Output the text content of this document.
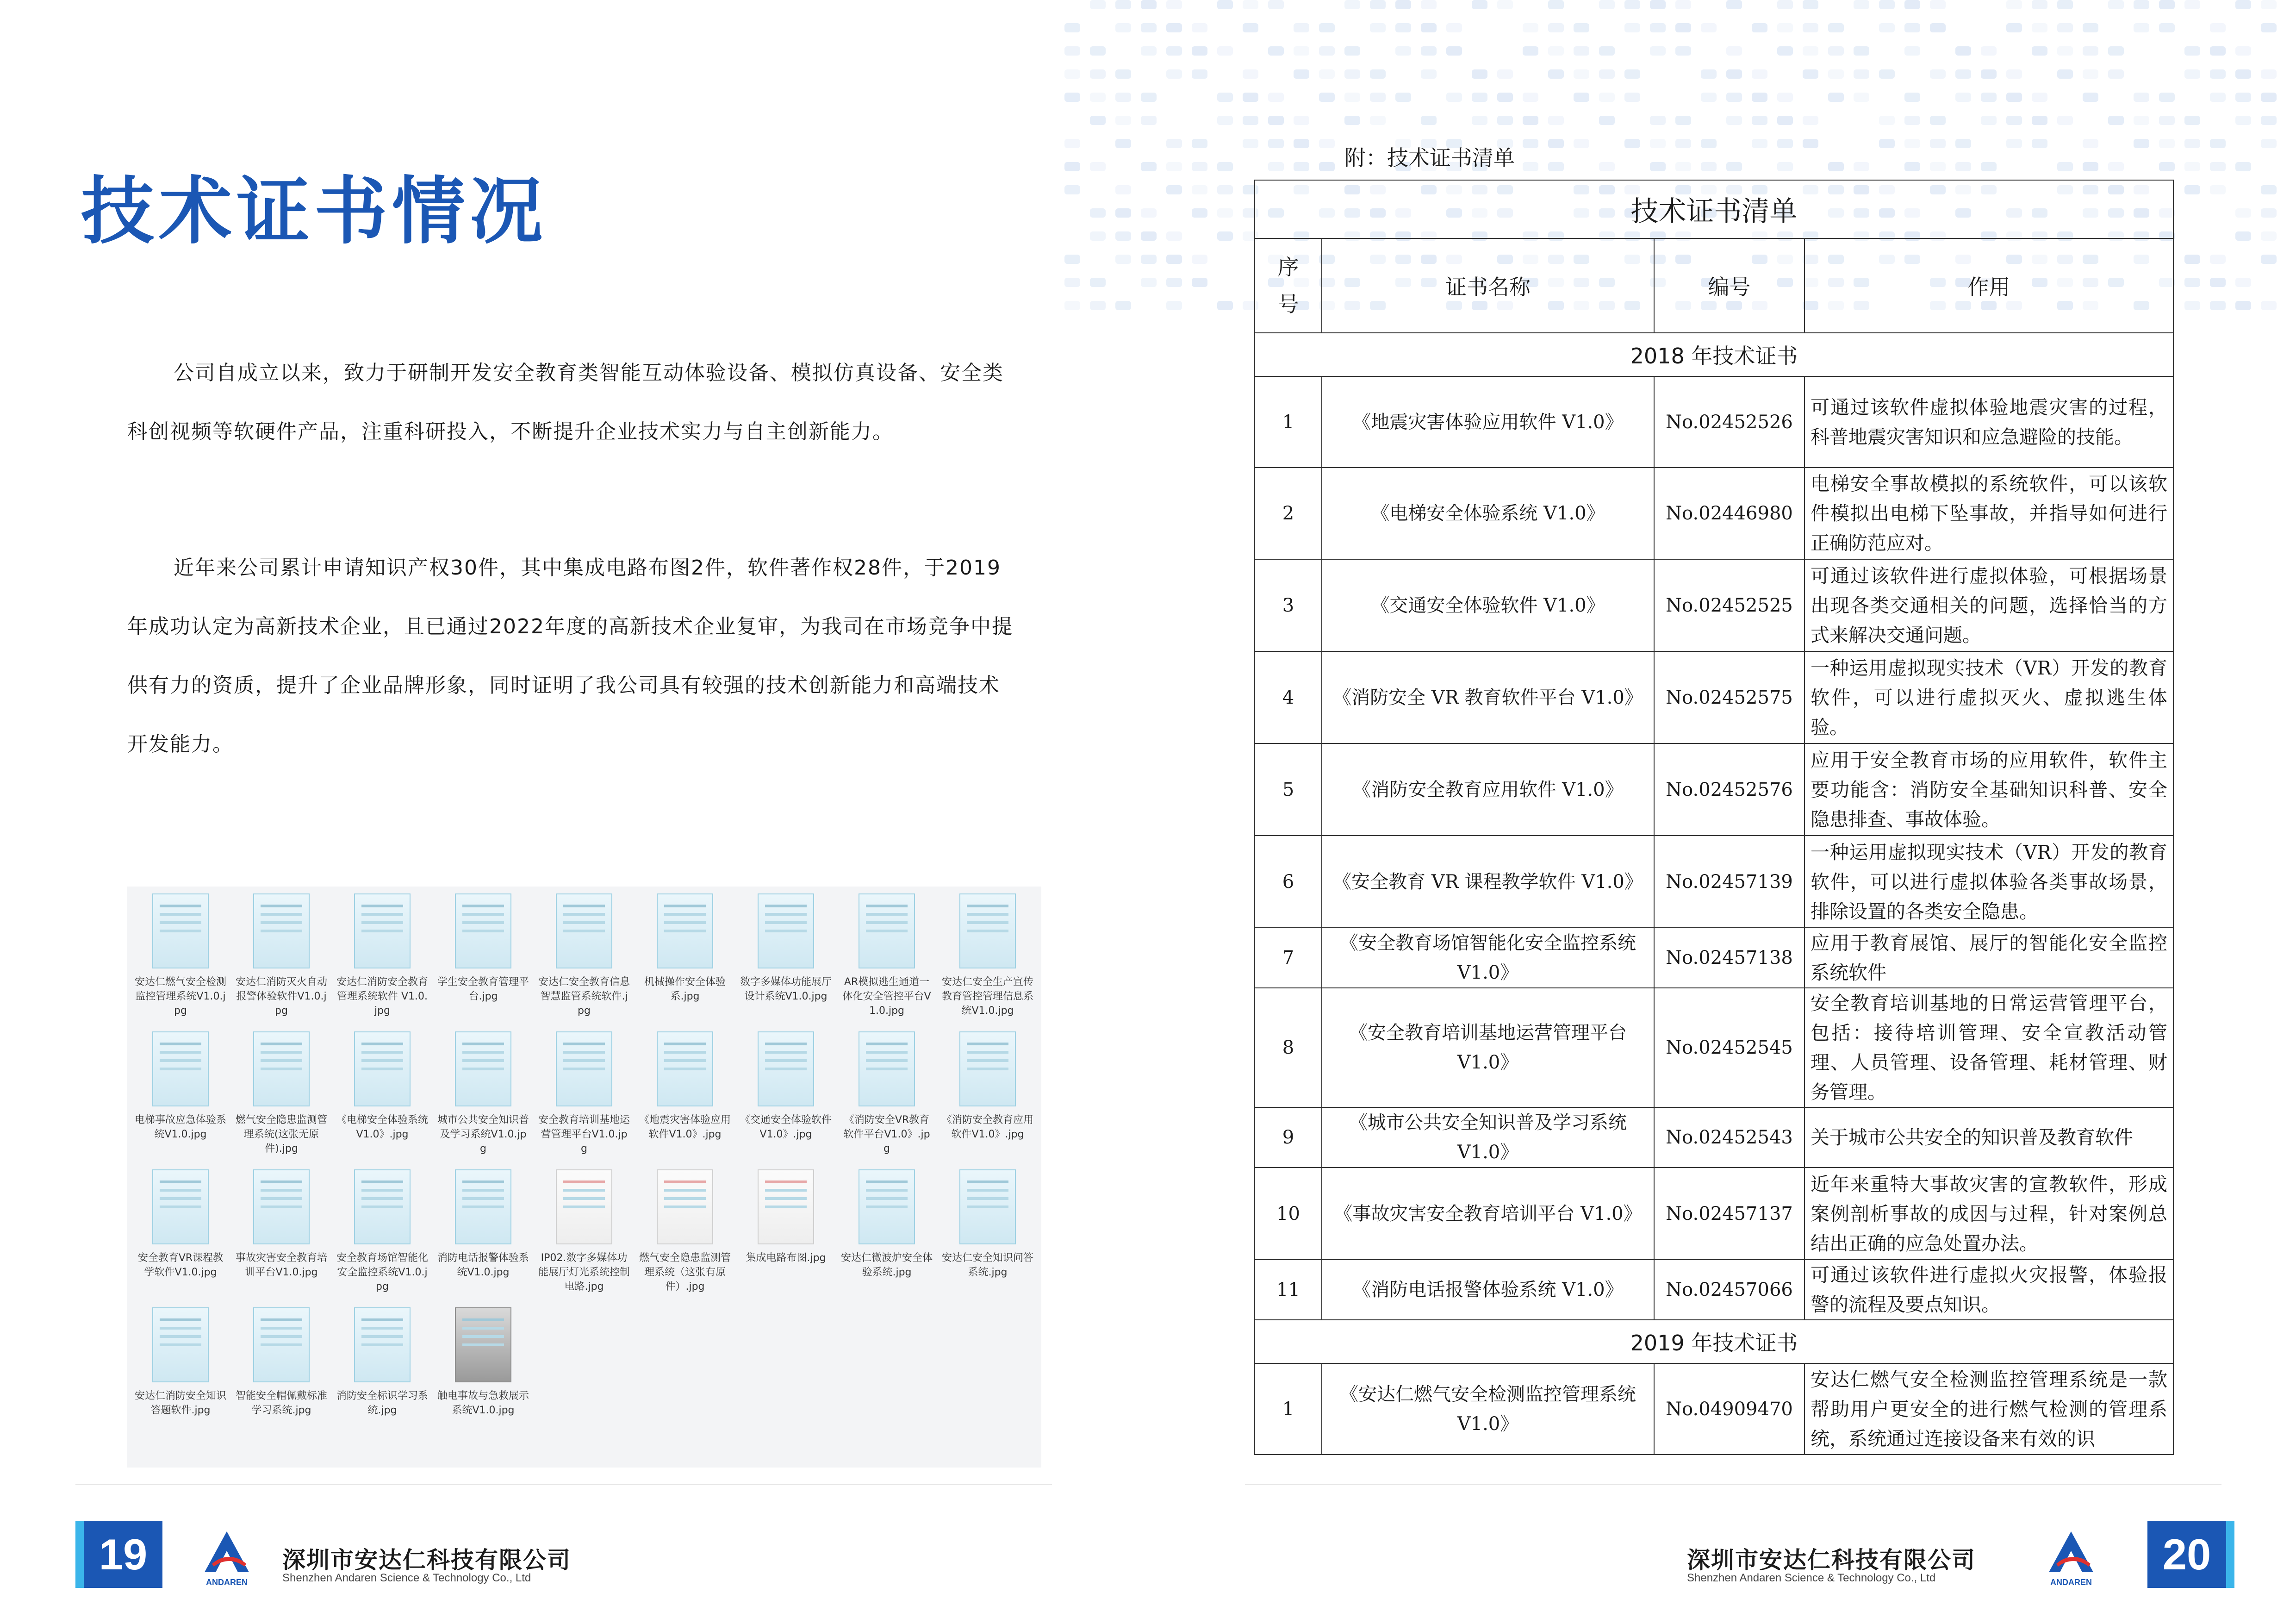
技术证书情况

公司自成立以来，致力于研制开发安全教育类智能互动体验设备、模拟仿真设备、安全类科创视频等软硬件产品，注重科研投入，不断提升企业技术实力与自主创新能力。

近年来公司累计申请知识产权30件，其中集成电路布图2件，软件著作权28件，于2019年成功认定为高新技术企业，且已通过2022年度的高新技术企业复审，为我司在市场竞争中提供有力的资质，提升了企业品牌形象，同时证明了我公司具有较强的技术创新能力和高端技术开发能力。

安达仁燃气安全检测监控管理系统V1.0.jpg
安达仁消防灭火自动报警体验软件V1.0.jpg
安达仁消防安全教育管理系统软件 V1.0.jpg
学生安全教育管理平台.jpg
安达仁安全教育信息智慧监管系统软件.jpg
机械操作安全体验系.jpg
数字多媒体功能展厅设计系统V1.0.jpg
AR模拟逃生通道一体化安全管控平台V1.0.jpg
安达仁安全生产宣传教育管控管理信息系统V1.0.jpg
电梯事故应急体验系统V1.0.jpg
燃气安全隐患监测管理系统(这张无原件).jpg
《电梯安全体验系统V1.0》.jpg
城市公共安全知识普及学习系统V1.0.jpg
安全教育培训基地运营管理平台V1.0.jpg
《地震灾害体验应用软件V1.0》.jpg
《交通安全体验软件V1.0》.jpg
《消防安全VR教育软件平台V1.0》.jpg
《消防安全教育应用软件V1.0》.jpg
安全教育VR课程教学软件V1.0.jpg
事故灾害安全教育培训平台V1.0.jpg
安全教育场馆智能化安全监控系统V1.0.jpg
消防电话报警体验系统V1.0.jpg
IP02.数字多媒体功能展厅灯光系统控制电路.jpg
燃气安全隐患监测管理系统（这张有原件）.jpg
集成电路布图.jpg	安达仁微波炉安全体验系统.jpg
安达仁安全知识问答系统.jpg
安达仁消防安全知识答题软件.jpg
智能安全帽佩戴标准学习系统.jpg
消防安全标识学习系统.jpg
触电事故与急救展示系统V1.0.jpg
附：技术证书清单
技术证书清单			
序号	证书名称	编号	作用
2018 年技术证书			
1	《地震灾害体验应用软件 V1.0》	No.02452526	可通过该软件虚拟体验地震灾害的过程，科普地震灾害知识和应急避险的技能。
2	《电梯安全体验系统 V1.0》	No.02446980	电梯安全事故模拟的系统软件，可以该软件模拟出电梯下坠事故，并指导如何进行正确防范应对。
3	《交通安全体验软件 V1.0》	No.02452525	可通过该软件进行虚拟体验，可根据场景出现各类交通相关的问题，选择恰当的方式来解决交通问题。
4	《消防安全 VR 教育软件平台 V1.0》	No.02452575	一种运用虚拟现实技术（VR）开发的教育软件，可以进行虚拟灭火、虚拟逃生体验。
5	《消防安全教育应用软件 V1.0》	No.02452576	应用于安全教育市场的应用软件，软件主要功能含：消防安全基础知识科普、安全隐患排查、事故体验。
6	《安全教育 VR 课程教学软件 V1.0》	No.02457139	一种运用虚拟现实技术（VR）开发的教育软件，可以进行虚拟体验各类事故场景，排除设置的各类安全隐患。
7	《安全教育场馆智能化安全监控系统 V1.0》	No.02457138	应用于教育展馆、展厅的智能化安全监控系统软件
8	《安全教育培训基地运营管理平台 V1.0》	No.02452545	安全教育培训基地的日常运营管理平台，包括：接待培训管理、安全宣教活动管理、人员管理、设备管理、耗材管理、财务管理。
9	《城市公共安全知识普及学习系统 V1.0》	No.02452543	关于城市公共安全的知识普及教育软件
10	《事故灾害安全教育培训平台 V1.0》	No.02457137	近年来重特大事故灾害的宣教软件，形成案例剖析事故的成因与过程，针对案例总结出正确的应急处置办法。
11	《消防电话报警体验系统 V1.0》	No.02457066	可通过该软件进行虚拟火灾报警，体验报警的流程及要点知识。
2019 年技术证书			
1	《安达仁燃气安全检测监控管理系统 V1.0》	No.04909470	安达仁燃气安全检测监控管理系统是一款帮助用户更安全的进行燃气检测的管理系统，系统通过连接设备来有效的识
19
ANDAREN
深圳市安达仁科技有限公司
Shenzhen Andaren Science & Technology Co., Ltd
深圳市安达仁科技有限公司
Shenzhen Andaren Science & Technology Co., Ltd	ANDAREN
20
